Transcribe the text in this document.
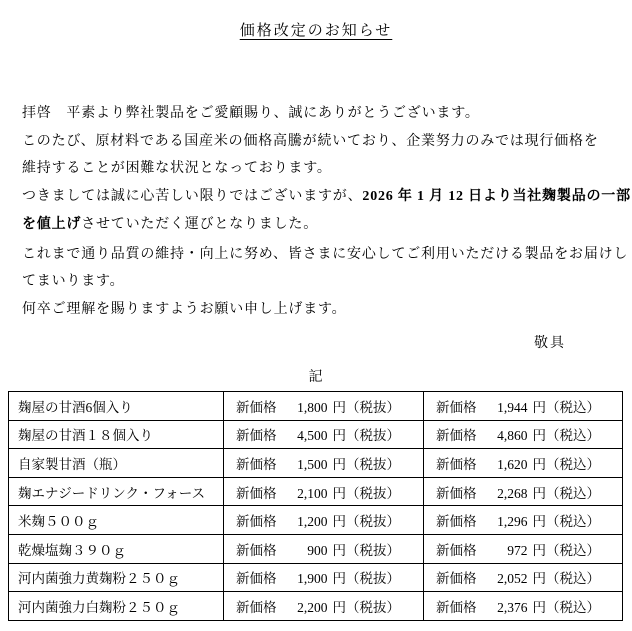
価格改定のお知らせ
拝啓　平素より弊社製品をご愛顧賜り、誠にありがとうございます。
このたび、原材料である国産米の価格高騰が続いており、企業努力のみでは現行価格を
維持することが困難な状況となっております。
つきましては誠に心苦しい限りではございますが、2026 年 1 月 12 日より当社麹製品の一部
を値上げさせていただく運びとなりました。
これまで通り品質の維持・向上に努め、皆さまに安心してご利用いただける製品をお届けし
てまいります。
何卒ご理解を賜りますようお願い申し上げます。
敬具
記
麹屋の甘酒6個入り	新価格 1,800 円（税抜）	新価格 1,944 円（税込）
麹屋の甘酒１８個入り	新価格 4,500 円（税抜）	新価格 4,860 円（税込）
自家製甘酒（瓶）	新価格 1,500 円（税抜）	新価格 1,620 円（税込）
麹エナジードリンク・フォース	新価格 2,100 円（税抜）	新価格 2,268 円（税込）
米麹５００ｇ	新価格 1,200 円（税抜）	新価格 1,296 円（税込）
乾燥塩麹３９０ｇ	新価格 900 円（税抜）	新価格 972 円（税込）
河内菌強力黄麹粉２５０ｇ	新価格 1,900 円（税抜）	新価格 2,052 円（税込）
河内菌強力白麹粉２５０ｇ	新価格 2,200 円（税抜）	新価格 2,376 円（税込）
